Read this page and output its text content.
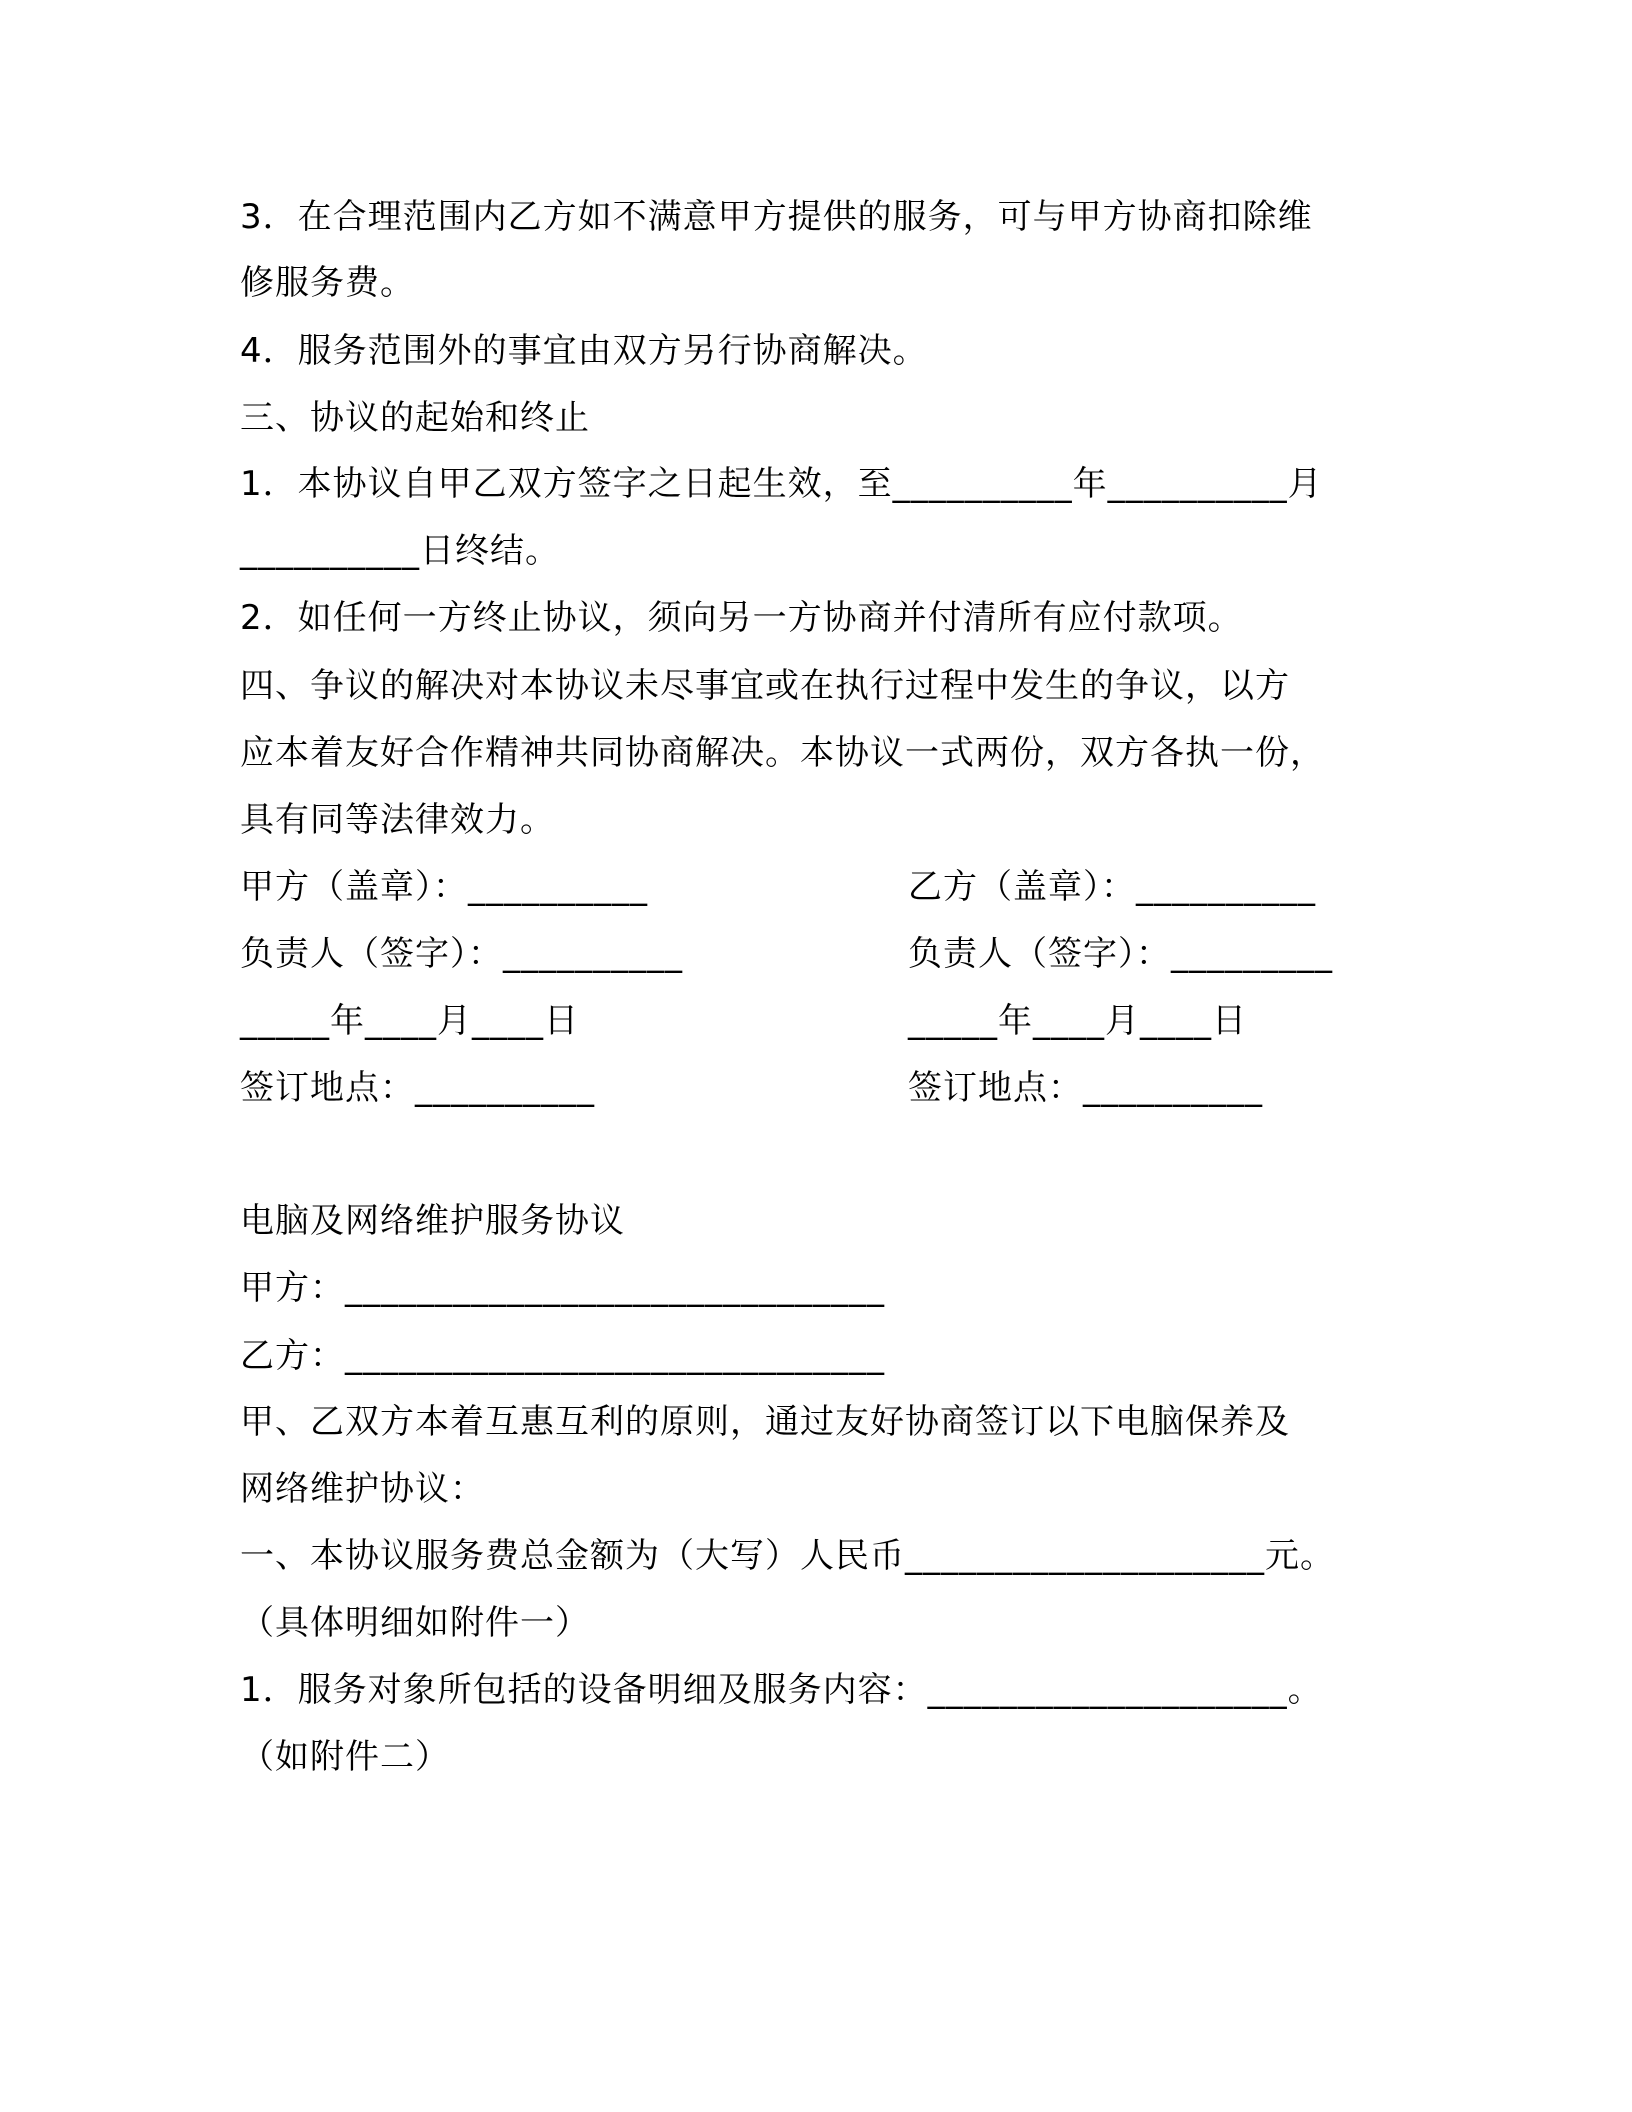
3．在合理范围内乙方如不满意甲方提供的服务，可与甲方协商扣除维
修服务费。
4．服务范围外的事宜由双方另行协商解决。
三、协议的起始和终止
1．本协议自甲乙双方签字之日起生效，至__________年__________月
__________日终结。
2．如任何一方终止协议，须向另一方协商并付清所有应付款项。
四、争议的解决对本协议未尽事宜或在执行过程中发生的争议，以方
应本着友好合作精神共同协商解决。本协议一式两份，双方各执一份，
具有同等法律效力。
甲方（盖章）：__________	乙方（盖章）：__________
负责人（签字）：__________	负责人（签字）：_________
_____年____月____日	_____年____月____日
签订地点：__________	签订地点：__________
电脑及网络维护服务协议
甲方：______________________________
乙方：______________________________
甲、乙双方本着互惠互利的原则，通过友好协商签订以下电脑保养及
网络维护协议：
一、本协议服务费总金额为（大写）人民币____________________元。
（具体明细如附件一）
1．服务对象所包括的设备明细及服务内容：____________________。
（如附件二）
